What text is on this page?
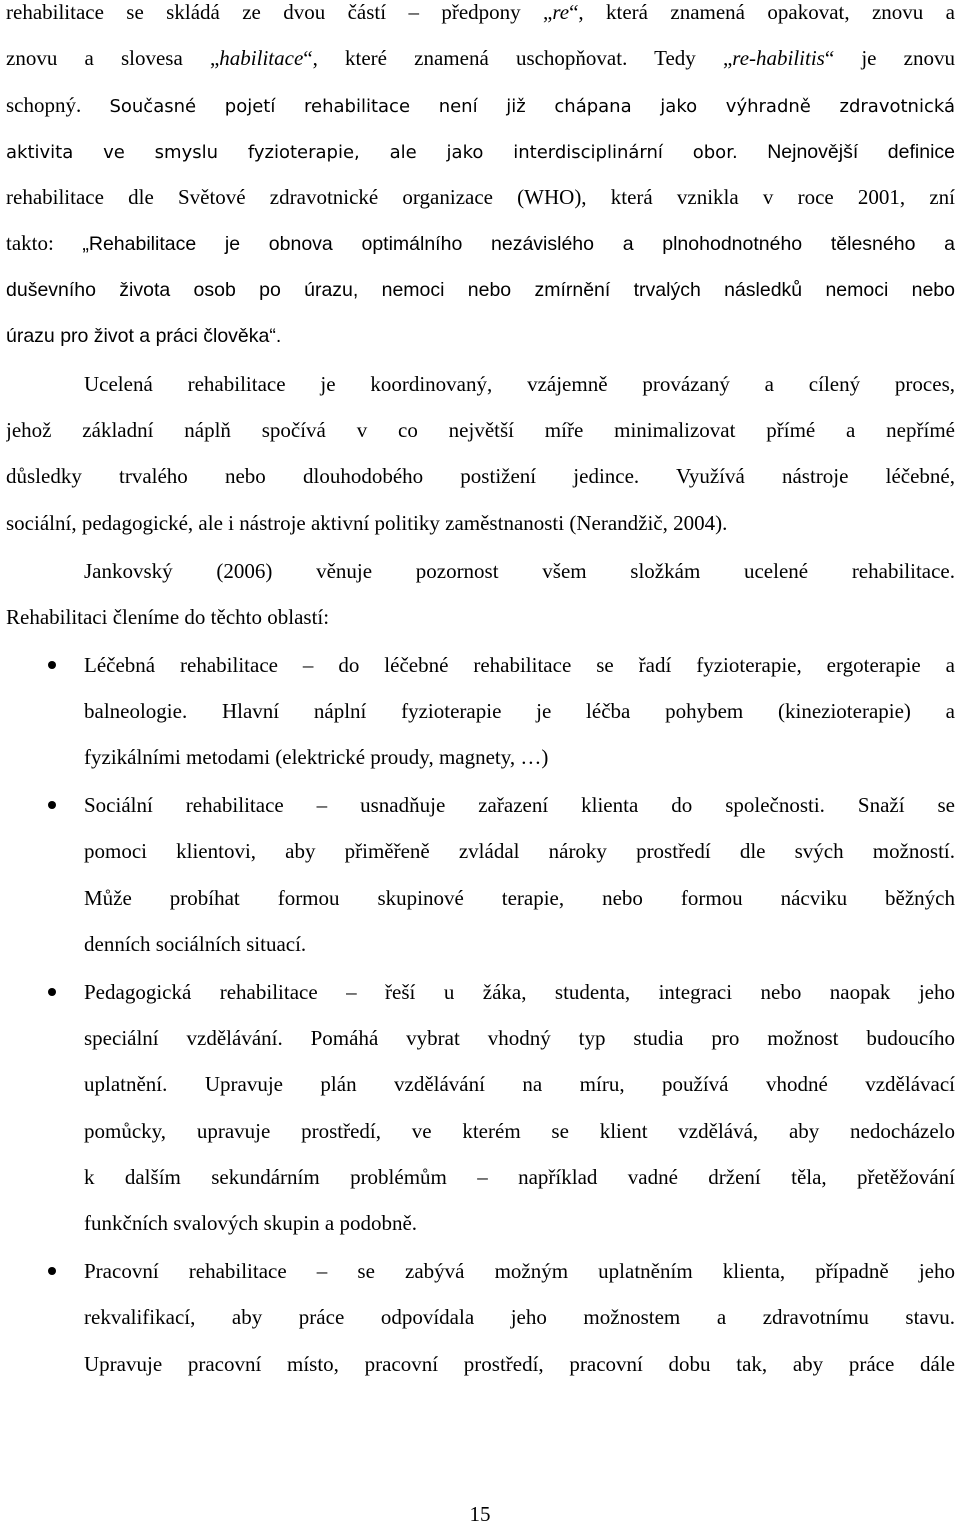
rehabilitace se skládá ze dvou částí – předpony „re“, která znamená opakovat, znovu a
znovu a slovesa „habilitace“, které znamená uschopňovat. Tedy „re-habilitis“ je znovu
schopný. Současné pojetí rehabilitace není již chápana jako výhradně zdravotnická
aktivita ve smyslu fyzioterapie, ale jako interdisciplinární obor. Nejnovější definice
rehabilitace dle Světové zdravotnické organizace (WHO), která vznikla v roce 2001, zní
takto: „Rehabilitace je obnova optimálního nezávislého a plnohodnotného tělesného a
duševního života osob po úrazu, nemoci nebo zmírnění trvalých následků nemoci nebo
úrazu pro život a práci člověka“.
Ucelená rehabilitace je koordinovaný, vzájemně provázaný a cílený proces,
jehož základní náplň spočívá v co největší míře minimalizovat přímé a nepřímé
důsledky trvalého nebo dlouhodobého postižení jedince. Využívá nástroje léčebné,
sociální, pedagogické, ale i nástroje aktivní politiky zaměstnanosti (Nerandžič, 2004).
Jankovský (2006) věnuje pozornost všem složkám ucelené rehabilitace.
Rehabilitaci členíme do těchto oblastí:
Léčebná rehabilitace – do léčebné rehabilitace se řadí fyzioterapie, ergoterapie a
balneologie. Hlavní náplní fyzioterapie je léčba pohybem (kinezioterapie) a
fyzikálními metodami (elektrické proudy, magnety, …)
Sociální rehabilitace – usnadňuje zařazení klienta do společnosti. Snaží se
pomoci klientovi, aby přiměřeně zvládal nároky prostředí dle svých možností.
Může probíhat formou skupinové terapie, nebo formou nácviku běžných
denních sociálních situací.
Pedagogická rehabilitace – řeší u žáka, studenta, integraci nebo naopak jeho
speciální vzdělávání. Pomáhá vybrat vhodný typ studia pro možnost budoucího
uplatnění. Upravuje plán vzdělávání na míru, používá vhodné vzdělávací
pomůcky, upravuje prostředí, ve kterém se klient vzdělává, aby nedocházelo
k dalším sekundárním problémům – například vadné držení těla, přetěžování
funkčních svalových skupin a podobně.
Pracovní rehabilitace – se zabývá možným uplatněním klienta, případně jeho
rekvalifikací, aby práce odpovídala jeho možnostem a zdravotnímu stavu.
Upravuje pracovní místo, pracovní prostředí, pracovní dobu tak, aby práce dále
15
